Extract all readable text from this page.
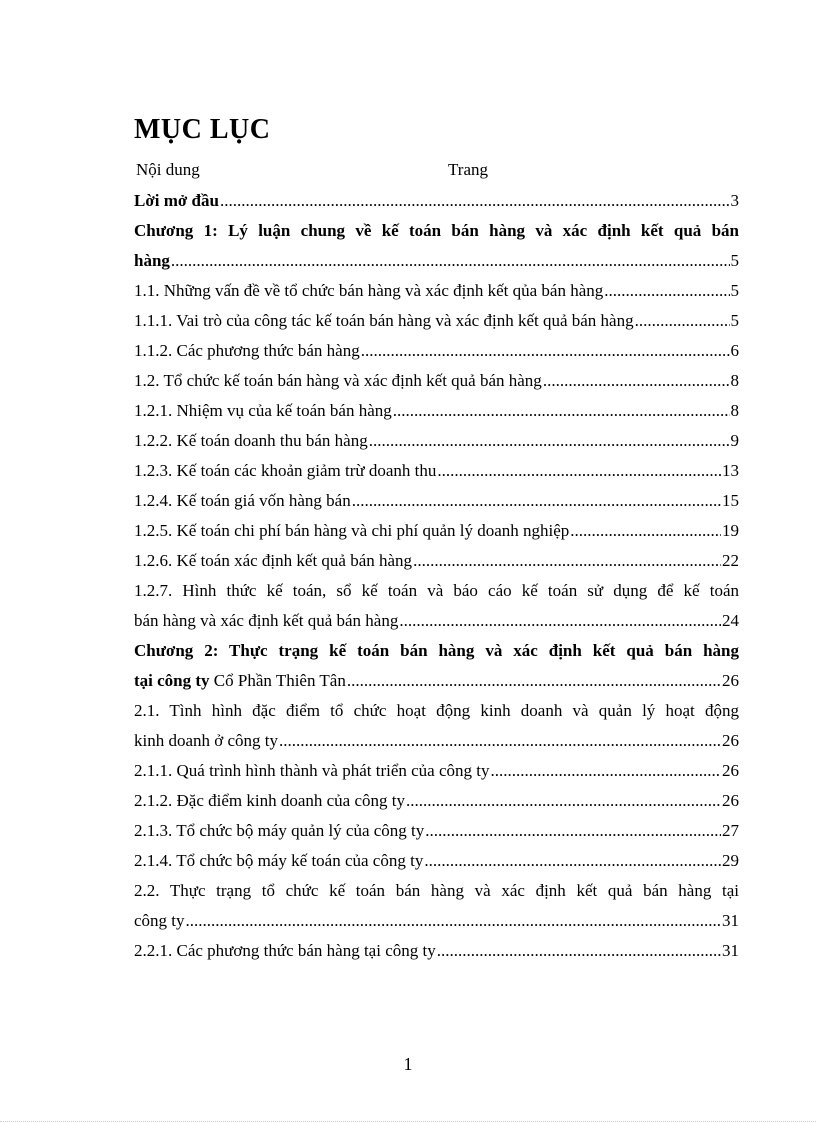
MỤC LỤC
Nội dung	Trang
Lời mở đầu .....	3
Chương 1: Lý luận chung về kế toán bán hàng và xác định kết quả bán
hàng .....	5
1.1. Những vấn đề về tổ chức bán hàng và xác định kết qủa bán hàng .....	5
1.1.1. Vai trò của công tác kế toán bán hàng và xác định kết quả bán hàng .....	5
1.1.2. Các phương thức bán hàng .....	6
1.2. Tổ chức kế toán bán hàng và xác định kết quả bán hàng .....	8
1.2.1. Nhiệm vụ của kế toán bán hàng .....	8
1.2.2. Kế toán doanh thu bán hàng .....	9
1.2.3. Kế toán các khoản giảm trừ doanh thu .....	13
1.2.4. Kế toán giá vốn hàng bán .....	15
1.2.5. Kế toán chi phí bán hàng và chi phí quản lý doanh nghiệp .....	19
1.2.6. Kế toán xác định kết quả bán hàng .....	22
1.2.7. Hình thức kế toán, sổ kế toán và báo cáo kế toán sử dụng để kế toán
bán hàng và xác định kết quả bán hàng .....	24
Chương 2: Thực trạng kế toán bán hàng và xác định kết quả bán hàng
tại công ty Cổ Phần Thiên Tân .....	26
2.1. Tình hình đặc điểm tổ chức hoạt động kinh doanh và quản lý hoạt động
kinh doanh ở công ty .....	26
2.1.1. Quá trình hình thành và phát triển của công ty .....	26
2.1.2. Đặc điểm kinh doanh của công ty .....	26
2.1.3. Tổ chức bộ máy quản lý của công ty .....	27
2.1.4. Tổ chức bộ máy kế toán của công ty .....	29
2.2. Thực trạng tổ chức kế toán bán hàng và xác định kết quả bán hàng tại
công ty .....	31
2.2.1. Các phương thức bán hàng tại công ty .....	31
1
